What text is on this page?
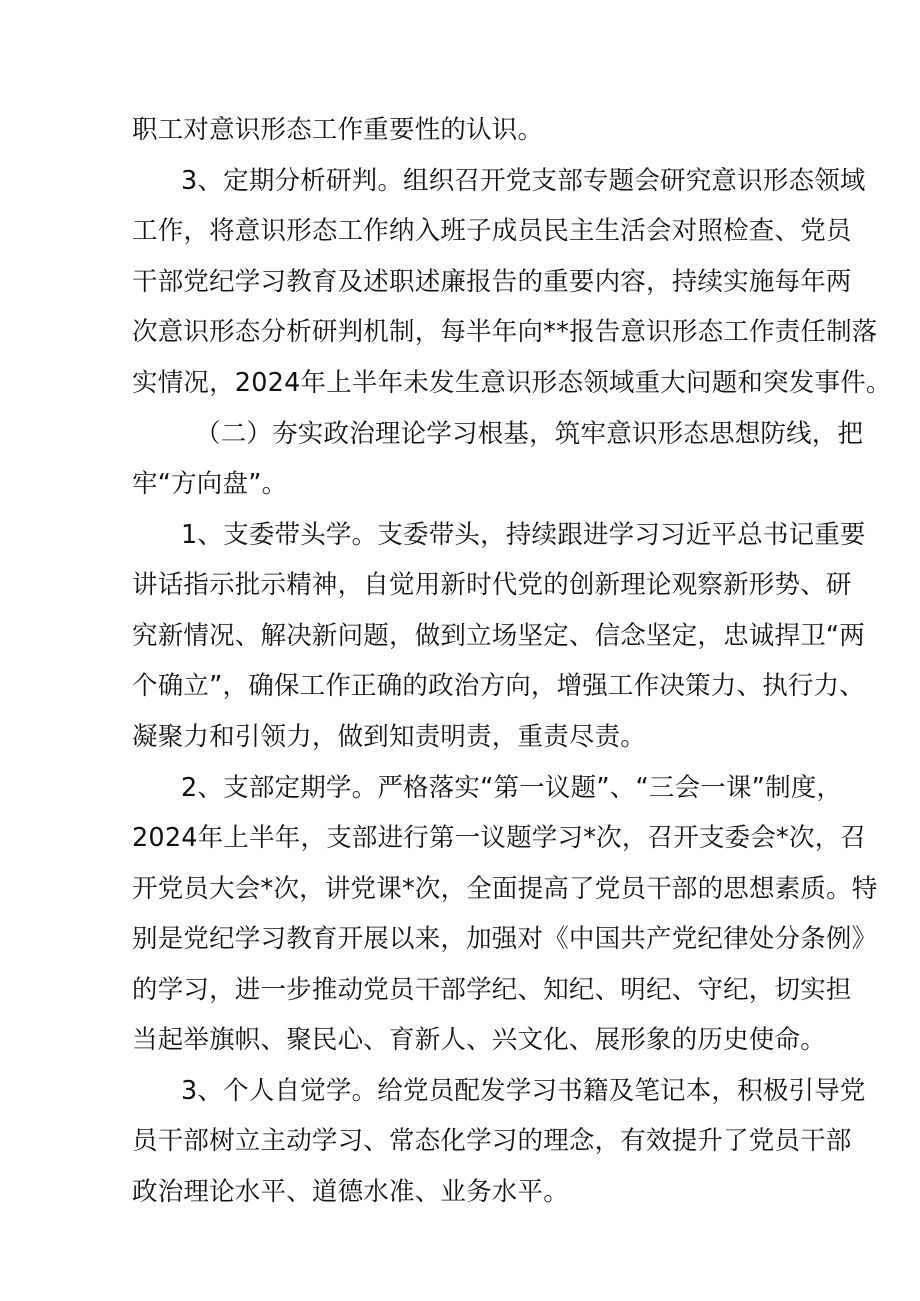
职工对意识形态工作重要性的认识。
3、定期分析研判。组织召开党支部专题会研究意识形态领域
工作，将意识形态工作纳入班子成员民主生活会对照检查、党员
干部党纪学习教育及述职述廉报告的重要内容，持续实施每年两
次意识形态分析研判机制，每半年向**报告意识形态工作责任制落
实情况，2024年上半年未发生意识形态领域重大问题和突发事件。
（二）夯实政治理论学习根基，筑牢意识形态思想防线，把
牢“方向盘”。
1、支委带头学。支委带头，持续跟进学习习近平总书记重要
讲话指示批示精神，自觉用新时代党的创新理论观察新形势、研
究新情况、解决新问题，做到立场坚定、信念坚定，忠诚捍卫“两
个确立”，确保工作正确的政治方向，增强工作决策力、执行力、
凝聚力和引领力，做到知责明责，重责尽责。
2、支部定期学。严格落实“第一议题”、“三会一课”制度，
2024年上半年，支部进行第一议题学习*次，召开支委会*次，召
开党员大会*次，讲党课*次，全面提高了党员干部的思想素质。特
别是党纪学习教育开展以来，加强对《中国共产党纪律处分条例》
的学习，进一步推动党员干部学纪、知纪、明纪、守纪，切实担
当起举旗帜、聚民心、育新人、兴文化、展形象的历史使命。
3、个人自觉学。给党员配发学习书籍及笔记本，积极引导党
员干部树立主动学习、常态化学习的理念，有效提升了党员干部
政治理论水平、道德水准、业务水平。
